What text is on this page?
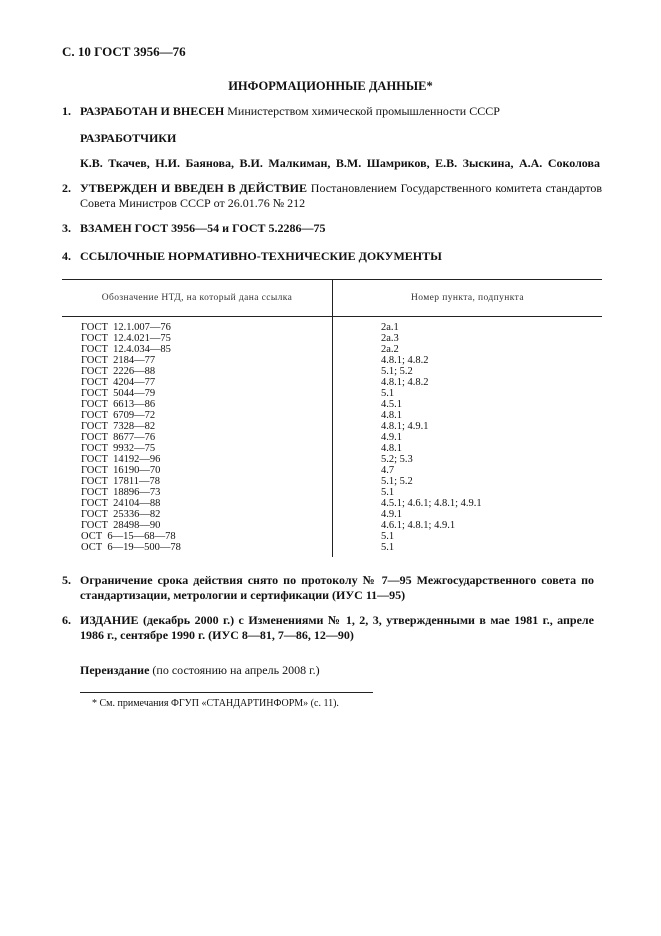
С. 10 ГОСТ 3956—76
ИНФОРМАЦИОННЫЕ ДАННЫЕ*
1. РАЗРАБОТАН И ВНЕСЕН Министерством химической промышленности СССР
РАЗРАБОТЧИКИ
К.В. Ткачев, Н.И. Баянова, В.И. Малкиман, В.М. Шамриков, Е.В. Зыскина, А.А. Соколова
2. УТВЕРЖДЕН И ВВЕДЕН В ДЕЙСТВИЕ Постановлением Государственного комитета стандартов Совета Министров СССР от 26.01.76 № 212
3. ВЗАМЕН ГОСТ 3956—54 и ГОСТ 5.2286—75
4. ССЫЛОЧНЫЕ НОРМАТИВНО-ТЕХНИЧЕСКИЕ ДОКУМЕНТЫ
Обозначение НТД, на который дана ссылка	Номер пункта, подпункта
ГОСТ  12.1.007—76	2а.1
ГОСТ  12.4.021—75	2а.3
ГОСТ  12.4.034—85	2а.2
ГОСТ  2184—77	4.8.1; 4.8.2
ГОСТ  2226—88	5.1; 5.2
ГОСТ  4204—77	4.8.1; 4.8.2
ГОСТ  5044—79	5.1
ГОСТ  6613—86	4.5.1
ГОСТ  6709—72	4.8.1
ГОСТ  7328—82	4.8.1; 4.9.1
ГОСТ  8677—76	4.9.1
ГОСТ  9932—75	4.8.1
ГОСТ  14192—96	5.2; 5.3
ГОСТ  16190—70	4.7
ГОСТ  17811—78	5.1; 5.2
ГОСТ  18896—73	5.1
ГОСТ  24104—88	4.5.1; 4.6.1; 4.8.1; 4.9.1
ГОСТ  25336—82	4.9.1
ГОСТ  28498—90	4.6.1; 4.8.1; 4.9.1
ОСТ  6—15—68—78	5.1
ОСТ  6—19—500—78	5.1
5. Ограничение срока действия снято по протоколу № 7—95 Межгосударственного совета по стандартизации, метрологии и сертификации (ИУС 11—95)
6. ИЗДАНИЕ (декабрь 2000 г.) с Изменениями № 1, 2, 3, утвержденными в мае 1981 г., апреле 1986 г., сентябре 1990 г. (ИУС 8—81, 7—86, 12—90)
Переиздание (по состоянию на апрель 2008 г.)
* См. примечания ФГУП «СТАНДАРТИНФОРМ» (с. 11).
